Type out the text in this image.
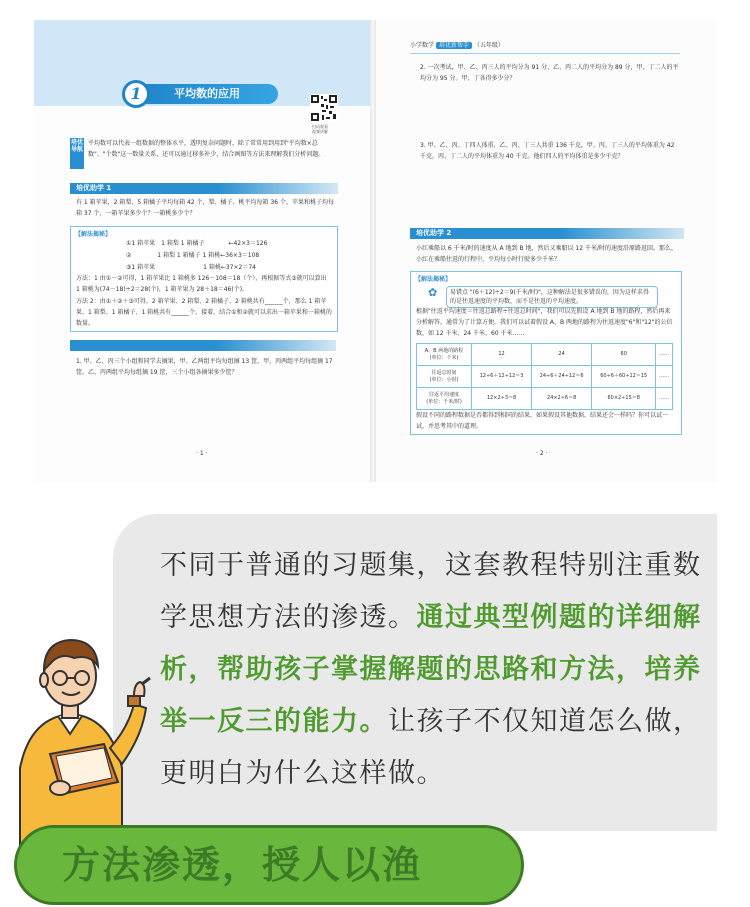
1	平均数的应用
扫码观看
视频讲解
培优导航
平均数可以代表一组数据的整体水平，透明复杂问题时，除了常常用到用到"平均数×总数"、"个数"这一数量关系，还可以通过移多补少，结合画图等方法来理解我们分析问题。
培优助学 1
有 1 箱苹果，2 箱梨、5 箱橘子平均每箱 42 个，梨、橘子、桃平均每箱 36 个，苹果和桃子均每箱 37 个，一箱苹果多少个？一箱桃多少个？
【解法揭秘】
①1 箱苹果　1 箱梨 1 箱橘子　　　　←42×3＝126
②　　　　 1 箱梨 1 箱橘子 1 箱桃←36×3＝108
③1 箱苹果　　　　　　　　1 箱桃←37×2＝74
方法：1 由①－②可得，1 箱苹果比 1 箱桃多 126－108＝18（个），再根据等式③就可以算出 1 箱桃为(74－18)÷2＝28(个)，1 箱苹果为 28＋18＝46(个)。
方法 2：由①＋②＋③可得，2 箱苹果、2 箱梨、2 箱橘子、2 箱桃共有______个，那么 1 箱苹果、1 箱梨、1 箱橘子、1 箱桃共有______个，接着，结合①和②就可以求出一箱苹果和一箱桃的数量。
1. 甲、乙、丙三个小组和同学去摘果，甲、乙两组平均每组摘 13 筐，甲、丙两组平均每组摘 17 筐，乙、丙两组平均每组摘 19 筐，三个小组各摘果多少筐？
· 1 ·
小学数学 培优新帮手 （五年级）
2. 一次考试，甲、乙、丙三人的平均分为 91 分，乙、丙二人的平均分为 89 分，甲、丁二人的平均分为 95 分。甲、丁各得多少分？
3. 甲、乙、丙、丁四人体重，乙、丙、丁三人共重 136 千克，甲、丙、丁三人的平均体重为 42 千克，丙、丁二人的平均体重为 40 千克。他们四人的平均体重是多少千克？
培优助学 2
小红乘船以 6 千米/时的速度从 A 地到 B 地，然后又乘船以 12 千米/时的速度沿原路返回。那么，小红在乘船往返的行程中，平均每小时行驶多少千米？
【解法揭秘】
✿	易错点 "(6＋12)÷2＝9(千米/时)"，这种解法是很多错误的，因为这样求得的是往返速度的平均数，而不是往返的平均速度。
根据"往返平均速度＝往返总路程÷往返总时间"，我们可以先假设 A 地到 B 地的路程，然后再来分析解答。通常为了计算方便，我们可以试着假设 A、B 两地的路程为往返速度"6"和"12"的公倍数，如 12 千米、24 千米、60 千米……
A、B 两地的路程
(单位：千米)	12	24	60	……
往返总时间
(单位：小时)	12÷6＋12÷12＝3	24÷6＋24÷12＝6	60÷6＋60÷12＝15	……
往返平均速度
(单位：千米/时)	12×2÷3＝8	24×2÷6＝8	60×2÷15＝8	……
假设不同的路程数据是否都得到相同的结果，如果假设其他数据，结果还会一样吗？你可以试一试，并思考其中的道理。
· 2 ·
不同于普通的习题集，这套教程特别注重数
学思想方法的渗透。通过典型例题的详细解
析，帮助孩子掌握解题的思路和方法，培养
举一反三的能力。让孩子不仅知道怎么做，
更明白为什么这样做。
方法渗透，授人以渔
